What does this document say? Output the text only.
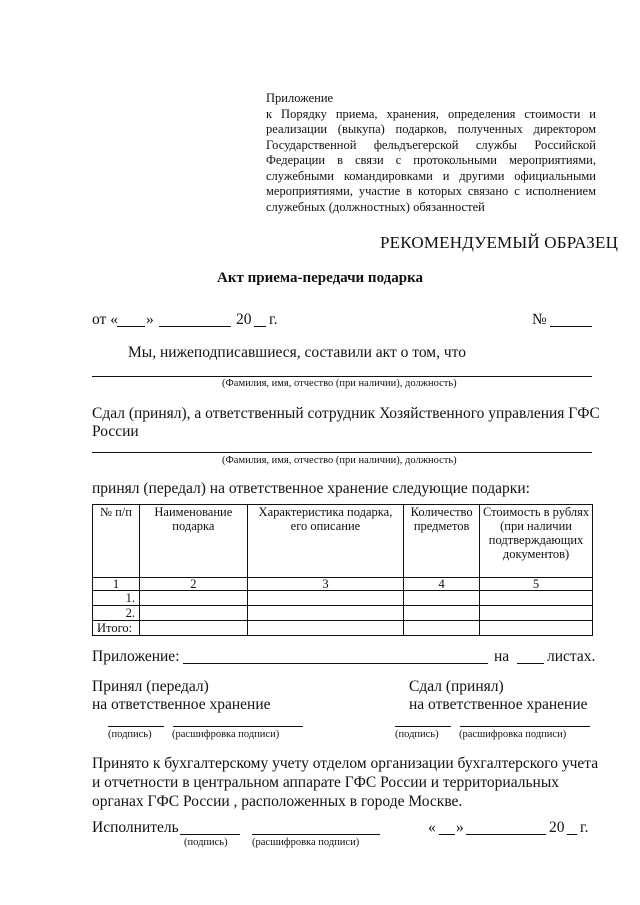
Приложение
к Порядку приема, хранения, определения стоимости и реализации (выкупа) подарков, полученных директором Государственной фельдъегерской службы Российской Федерации в связи с протокольными мероприятиями, служебными командировками и другими официальными мероприятиями, участие в которых связано с исполнением служебных (должностных) обязанностей
РЕКОМЕНДУЕМЫЙ ОБРАЗЕЦ
Акт приема-передачи подарка
от « »	20 г.	№
Мы, нижеподписавшиеся, составили акт о том, что
(Фамилия, имя, отчество (при наличии), должность)
Сдал (принял), а ответственный сотрудник Хозяйственного управления ГФС
России
(Фамилия, имя, отчество (при наличии), должность)
принял (передал) на ответственное хранение следующие подарки:
№ п/п	Наименование подарка	Характеристика подарка, его описание	Количество предметов	Стоимость в рублях (при наличии подтверждающих документов)
1	2	3	4	5
1.				
2.				
Итого:				
Приложение:	на листах.
Принял (передал)
на ответственное хранение
Сдал (принял)
на ответственное хранение
(подпись) (расшифровка подписи)	(подпись) (расшифровка подписи)
Принято к бухгалтерскому учету отделом организации бухгалтерского учета
и отчетности в центральном аппарате ГФС России и территориальных
органах ГФС России , расположенных в городе Москве.
Исполнитель
(подпись) (расшифровка подписи)
« »	20 г.
